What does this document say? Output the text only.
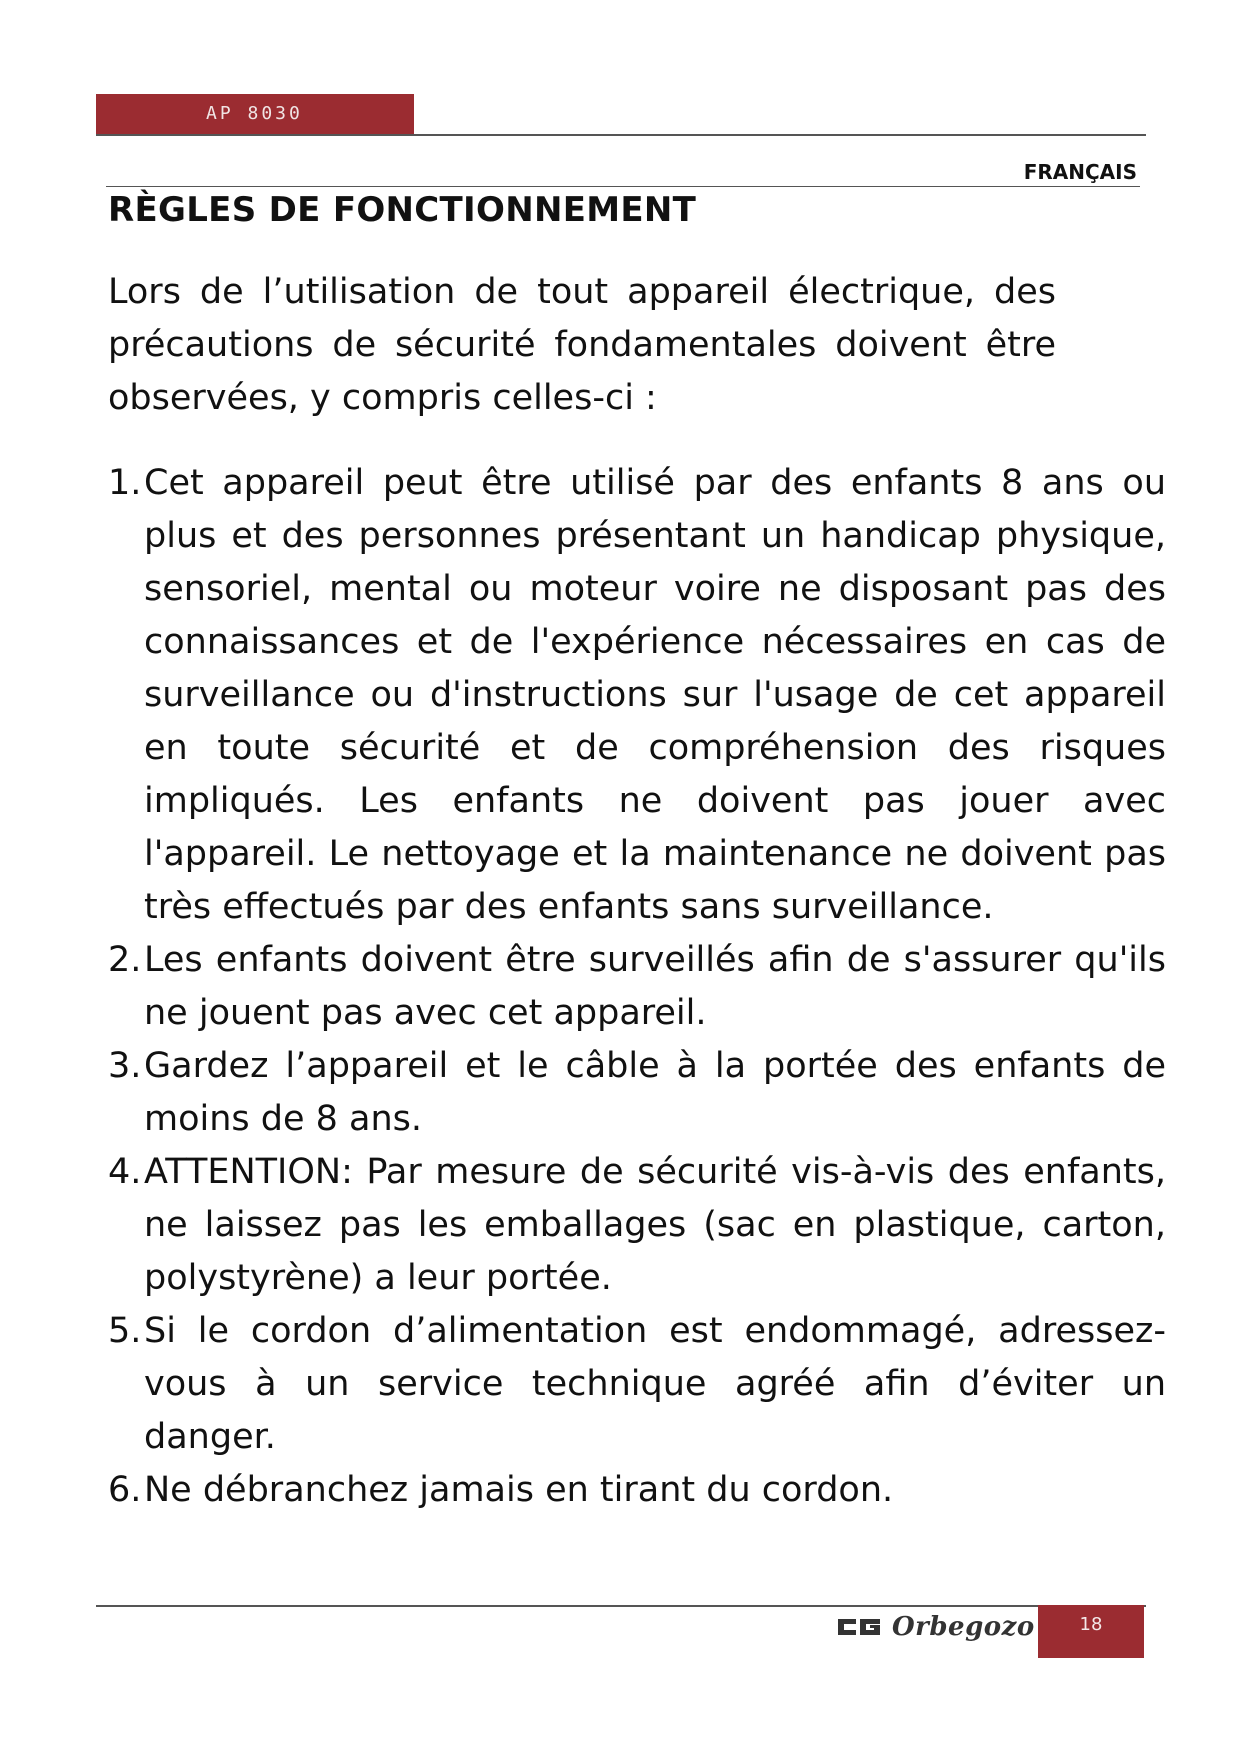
AP 8030
FRANÇAIS
RÈGLES DE FONCTIONNEMENT

Lors de l’utilisation de tout appareil électrique, des précautions de sécurité fondamentales doivent être observées, y compris celles-ci :

1. Cet appareil peut être utilisé par des enfants 8 ans ou plus et des personnes présentant un handicap physique, sensoriel, mental ou moteur voire ne disposant pas des connaissances et de l'expérience nécessaires en cas de surveillance ou d'instructions sur l'usage de cet appareil en toute sécurité et de compréhension des risques impliqués. Les enfants ne doivent pas jouer avec l'appareil. Le nettoyage et la maintenance ne doivent pas très effectués par des enfants sans surveillance.
2. Les enfants doivent être surveillés afin de s'assurer qu'ils ne jouent pas avec cet appareil.
3. Gardez l’appareil et le câble à la portée des enfants de moins de 8 ans.
4. ATTENTION: Par mesure de sécurité vis-à-vis des enfants, ne laissez pas les emballages (sac en plastique, carton, polystyrène) a leur portée.
5. Si le cordon d’alimentation est endommagé, adressez-vous à un service technique agréé afin d’éviter un danger.
6. Ne débranchez jamais en tirant du cordon.
Orbegozo	18
